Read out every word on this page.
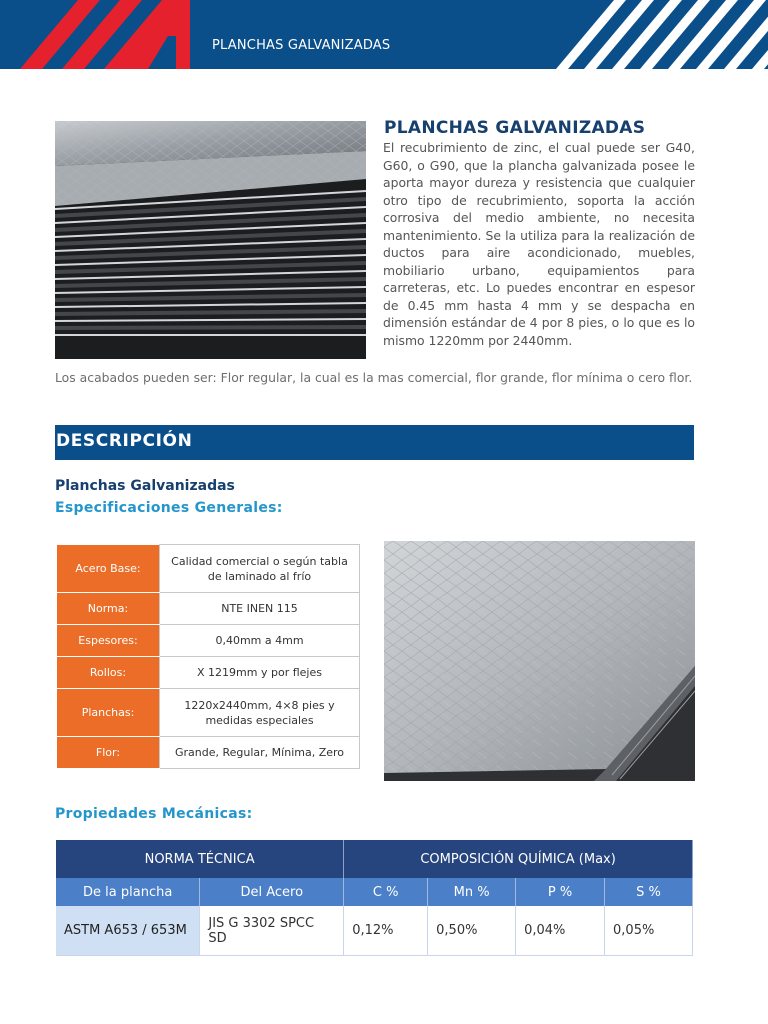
PLANCHAS GALVANIZADAS
PLANCHAS GALVANIZADAS
El recubrimiento de zinc, el cual puede ser G40, G60, o G90, que la plancha galvanizada posee le aporta mayor dureza y resistencia que cualquier otro tipo de recubrimiento, soporta la acción corrosiva del medio ambiente, no necesita mantenimiento. Se la utiliza para la realización de ductos para aire acondicionado, muebles, mobiliario urbano, equipamientos para carreteras, etc. Lo puedes encontrar en espesor de 0.45 mm hasta 4 mm y se despacha en dimensión estándar de 4 por 8 pies, o lo que es lo mismo 1220mm por 2440mm.
Los acabados pueden ser: Flor regular, la cual es la mas comercial, flor grande, flor mínima o cero flor.
DESCRIPCIÓN
Planchas Galvanizadas
Especificaciones Generales:
Acero Base:	Calidad comercial o según tabla de laminado al frío
Norma:	NTE INEN 115
Espesores:	0,40mm a 4mm
Rollos:	X 1219mm y por flejes
Planchas:	1220x2440mm, 4×8 pies y medidas especiales
Flor:	Grande, Regular, Mínima, Zero
Propiedades Mecánicas:
NORMA TÉCNICA		COMPOSICIÓN QUÍMICA (Max)			
De la plancha	Del Acero	C %	Mn %	P %	S %
ASTM A653 / 653M	JIS G 3302 SPCC SD	0,12%	0,50%	0,04%	0,05%
